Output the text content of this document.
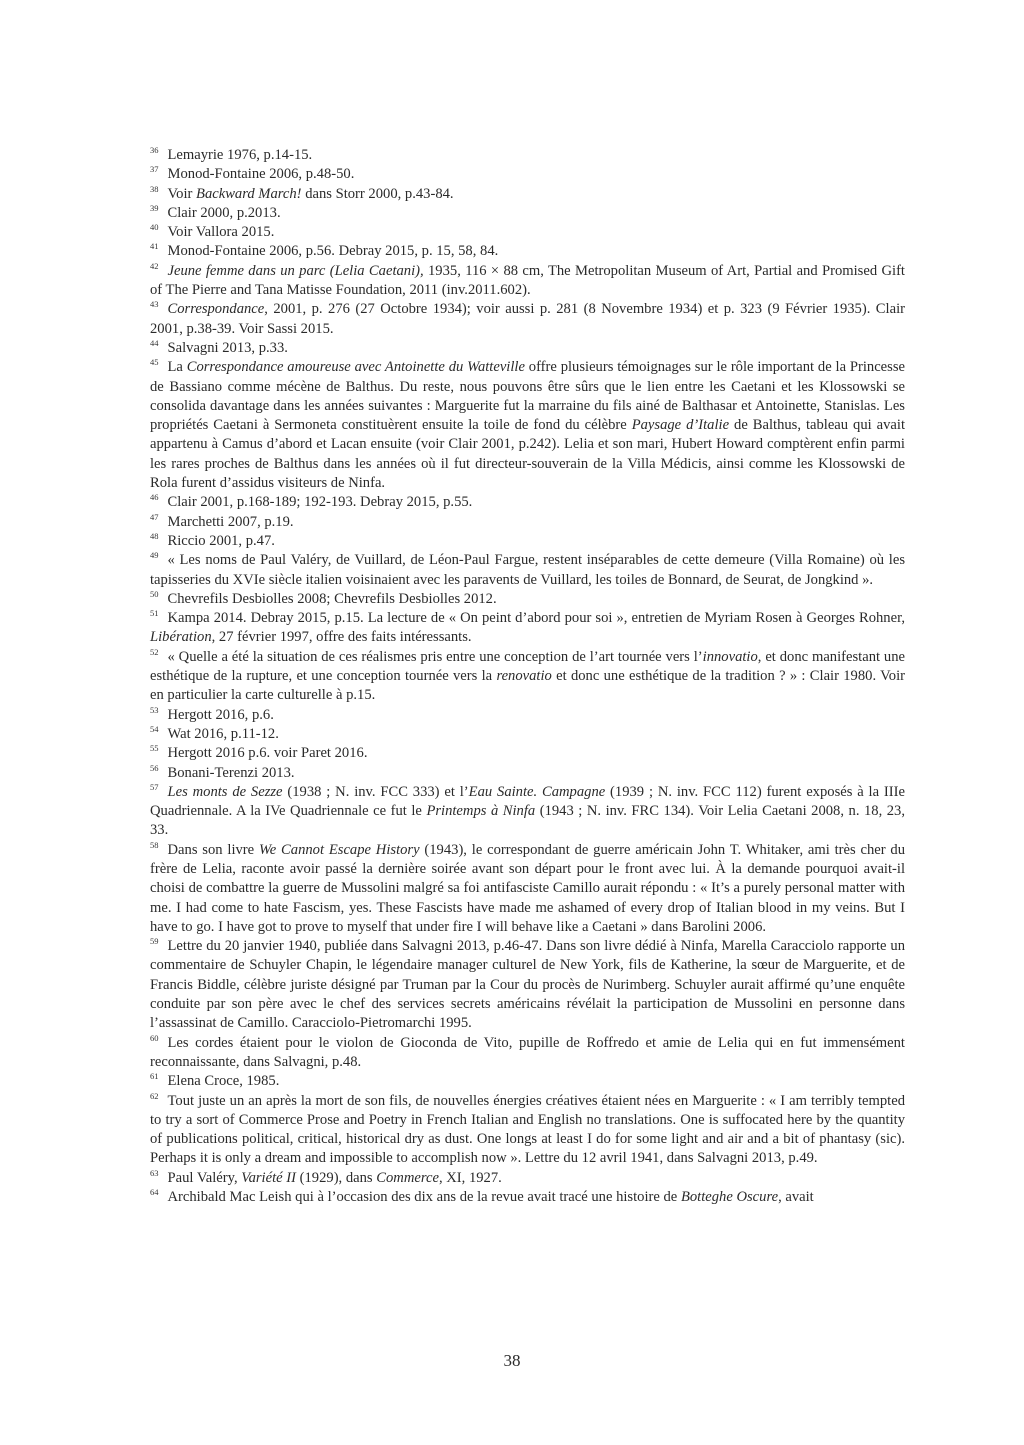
$^{36}$ Lemayrie 1976, p.14-15.

$^{37}$ Monod-Fontaine 2006, p.48-50.

$^{38}$ Voir Backward March! dans Storr 2000, p.43-84.

$^{39}$ Clair 2000, p.2013.

$^{40}$ Voir Vallora 2015.

$^{41}$ Monod-Fontaine 2006, p.56. Debray 2015, p. 15, 58, 84.

$^{42}$ Jeune femme dans un parc (Lelia Caetani), 1935, 116 × 88 cm, The Metropolitan Museum of Art, Partial and Promised Gift of The Pierre and Tana Matisse Foundation, 2011 (inv.2011.602).

$^{43}$ Correspondance, 2001, p. 276 (27 Octobre 1934); voir aussi p. 281 (8 Novembre 1934) et p. 323 (9 Février 1935). Clair 2001, p.38-39. Voir Sassi 2015.

$^{44}$ Salvagni 2013, p.33.

$^{45}$ La Correspondance amoureuse avec Antoinette du Watteville offre plusieurs témoignages sur le rôle important de la Princesse de Bassiano comme mécène de Balthus. Du reste, nous pouvons être sûrs que le lien entre les Caetani et les Klossowski se consolida davantage dans les années suivantes : Marguerite fut la marraine du fils ainé de Balthasar et Antoinette, Stanislas. Les propriétés Caetani à Sermoneta constituèrent ensuite la toile de fond du célèbre Paysage d’Italie de Balthus, tableau qui avait appartenu à Camus d’abord et Lacan ensuite (voir Clair 2001, p.242). Lelia et son mari, Hubert Howard comptèrent enfin parmi les rares proches de Balthus dans les années où il fut directeur-souverain de la Villa Médicis, ainsi comme les Klossowski de Rola furent d’assidus visiteurs de Ninfa.

$^{46}$ Clair 2001, p.168-189; 192-193. Debray 2015, p.55.

$^{47}$ Marchetti 2007, p.19.

$^{48}$ Riccio 2001, p.47.

$^{49}$ « Les noms de Paul Valéry, de Vuillard, de Léon-Paul Fargue, restent inséparables de cette demeure (Villa Romaine) où les tapisseries du XVIe siècle italien voisinaient avec les paravents de Vuillard, les toiles de Bonnard, de Seurat, de Jongkind ».

$^{50}$ Chevrefils Desbiolles 2008; Chevrefils Desbiolles 2012.

$^{51}$ Kampa 2014. Debray 2015, p.15. La lecture de « On peint d’abord pour soi », entretien de Myriam Rosen à Georges Rohner, Libération, 27 février 1997, offre des faits intéressants.

$^{52}$ « Quelle a été la situation de ces réalismes pris entre une conception de l’art tournée vers l’innovatio, et donc manifestant une esthétique de la rupture, et une conception tournée vers la renovatio et donc une esthétique de la tradition ? » : Clair 1980. Voir en particulier la carte culturelle à p.15.

$^{53}$ Hergott 2016, p.6.

$^{54}$ Wat 2016, p.11-12.

$^{55}$ Hergott 2016 p.6. voir Paret 2016.

$^{56}$ Bonani-Terenzi 2013.

$^{57}$ Les monts de Sezze (1938 ; N. inv. FCC 333) et l’Eau Sainte. Campagne (1939 ; N. inv. FCC 112) furent exposés à la IIIe Quadriennale. A la IVe Quadriennale ce fut le Printemps à Ninfa (1943 ; N. inv. FRC 134). Voir Lelia Caetani 2008, n. 18, 23, 33.

$^{58}$ Dans son livre We Cannot Escape History (1943), le correspondant de guerre américain John T. Whitaker, ami très cher du frère de Lelia, raconte avoir passé la dernière soirée avant son départ pour le front avec lui. À la demande pourquoi avait-il choisi de combattre la guerre de Mussolini malgré sa foi antifasciste Camillo aurait répondu : « It’s a purely personal matter with me. I had come to hate Fascism, yes. These Fascists have made me ashamed of every drop of Italian blood in my veins. But I have to go. I have got to prove to myself that under fire I will behave like a Caetani » dans Barolini 2006.

$^{59}$ Lettre du 20 janvier 1940, publiée dans Salvagni 2013, p.46-47. Dans son livre dédié à Ninfa, Marella Caracciolo rapporte un commentaire de Schuyler Chapin, le légendaire manager culturel de New York, fils de Katherine, la sœur de Marguerite, et de Francis Biddle, célèbre juriste désigné par Truman par la Cour du procès de Nurimberg. Schuyler aurait affirmé qu’une enquête conduite par son père avec le chef des services secrets américains révélait la participation de Mussolini en personne dans l’assassinat de Camillo. Caracciolo-Pietromarchi 1995.

$^{60}$ Les cordes étaient pour le violon de Gioconda de Vito, pupille de Roffredo et amie de Lelia qui en fut immensément reconnaissante, dans Salvagni, p.48.

$^{61}$ Elena Croce, 1985.

$^{62}$ Tout juste un an après la mort de son fils, de nouvelles énergies créatives étaient nées en Marguerite : « I am terribly tempted to try a sort of Commerce Prose and Poetry in French Italian and English no translations. One is suffocated here by the quantity of publications political, critical, historical dry as dust. One longs at least I do for some light and air and a bit of phantasy (sic). Perhaps it is only a dream and impossible to accomplish now ». Lettre du 12 avril 1941, dans Salvagni 2013, p.49.

$^{63}$ Paul Valéry, Variété II (1929), dans Commerce, XI, 1927.

$^{64}$ Archibald Mac Leish qui à l’occasion des dix ans de la revue avait tracé une histoire de Botteghe Oscure, avait

38
